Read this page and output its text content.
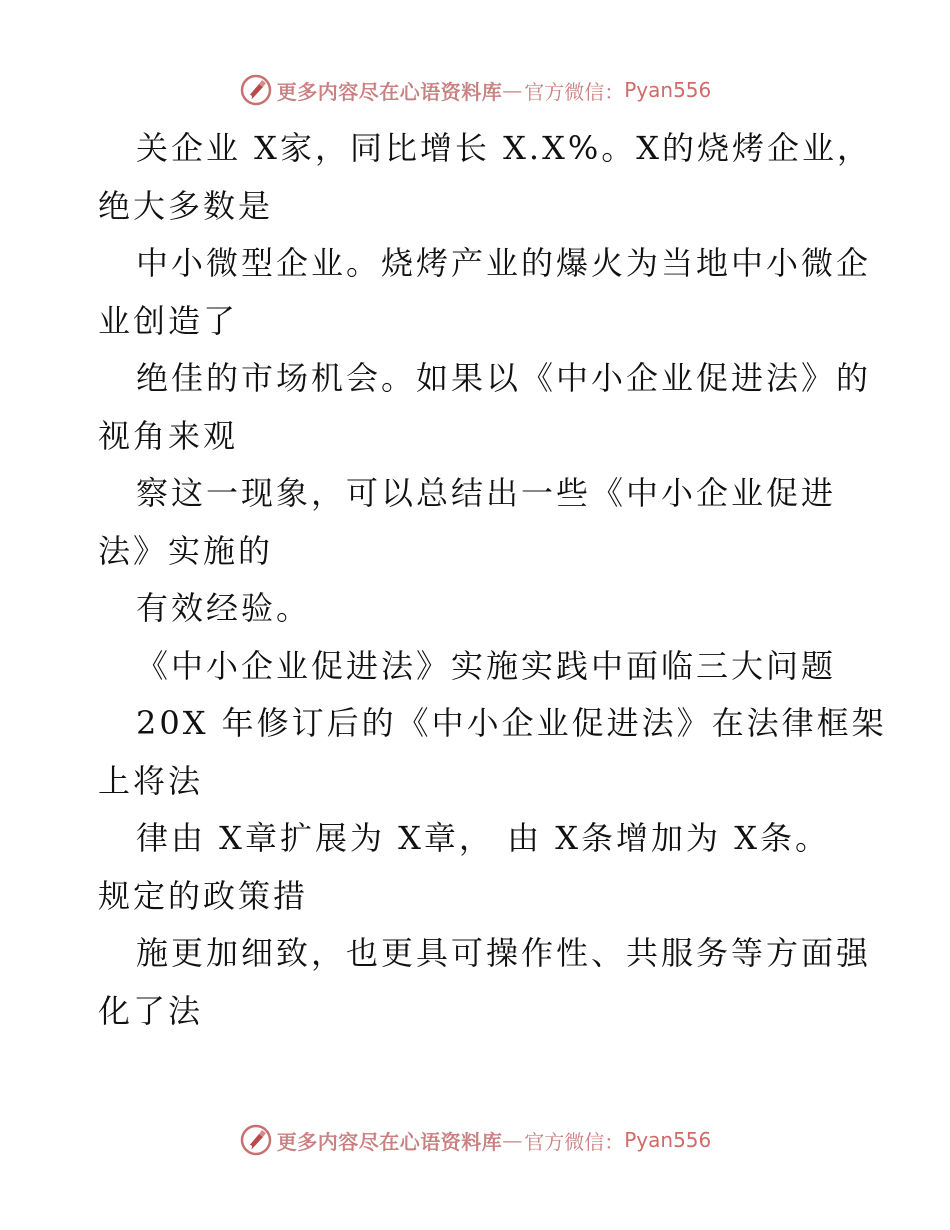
更多内容尽在心语资料库 — 官方微信： Pyan556
关企业 X家，同比增长 X.X%。X的烧烤企业，
绝大多数是
中小微型企业。烧烤产业的爆火为当地中小微企
业创造了
绝佳的市场机会。如果以《中小企业促进法》的
视角来观
察这一现象，可以总结出一些《中小企业促进
法》实施的
有效经验。
《中小企业促进法》实施实践中面临三大问题
20X 年修订后的《中小企业促进法》在法律框架
上将法
律由 X章扩展为 X章， 由 X条增加为 X条。
规定的政策措
施更加细致，也更具可操作性、共服务等方面强
化了法
更多内容尽在心语资料库 — 官方微信： Pyan556
